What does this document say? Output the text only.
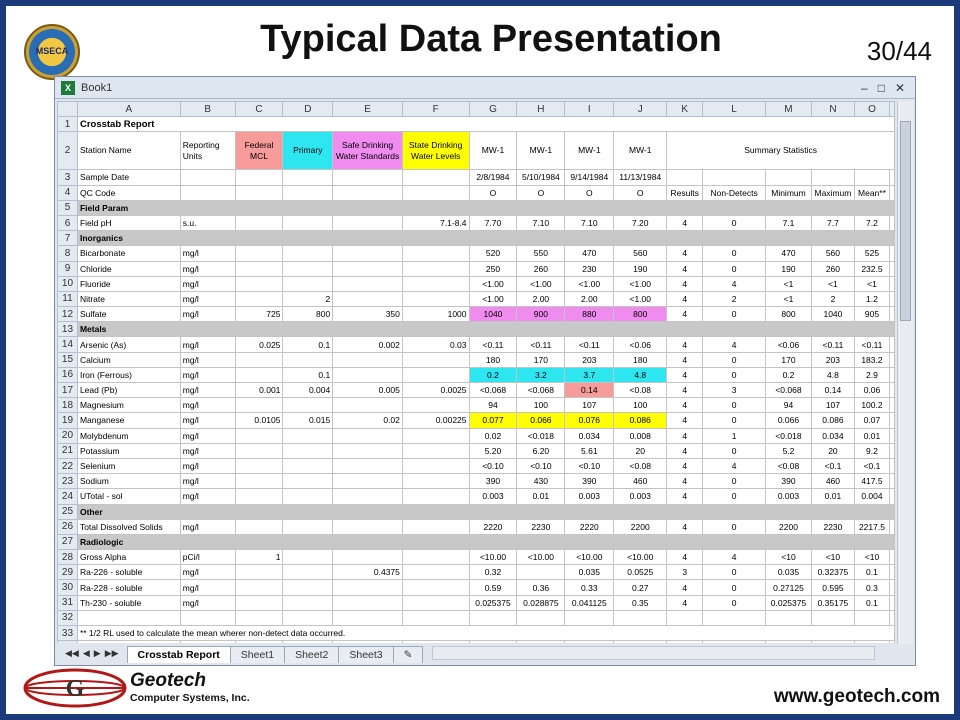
MSECA	Typical Data Presentation	30/44
X Book1	– □ ✕
	A	B	C	D	E	F	G	H	I	J	K	L	M	N	O	
1	Crosstab Report															
2	Station Name	Reporting Units	Federal MCL	Primary	Safe Drinking Water Standards	State Drinking Water Levels	MW-1	MW-1	MW-1	MW-1	Summary Statistics					
3	Sample Date						2/8/1984	5/10/1984	9/14/1984	11/13/1984						
4	QC Code						O	O	O	O	Results	Non-Detects	Minimum	Maximum	Mean**	
5	Field Param															
6	Field pH	s.u.				7.1-8.4	7.70	7.10	7.10	7.20	4	0	7.1	7.7	7.2	
7	Inorganics															
8	Bicarbonate	mg/l					520	550	470	560	4	0	470	560	525	
9	Chloride	mg/l					250	260	230	190	4	0	190	260	232.5	
10	Fluoride	mg/l					<1.00	<1.00	<1.00	<1.00	4	4	<1	<1	<1	
11	Nitrate	mg/l		2			<1.00	2.00	2.00	<1.00	4	2	<1	2	1.2	
12	Sulfate	mg/l	725	800	350	1000	1040	900	880	800	4	0	800	1040	905	
13	Metals															
14	Arsenic (As)	mg/l	0.025	0.1	0.002	0.03	<0.11	<0.11	<0.11	<0.06	4	4	<0.06	<0.11	<0.11	
15	Calcium	mg/l					180	170	203	180	4	0	170	203	183.2	
16	Iron (Ferrous)	mg/l		0.1			0.2	3.2	3.7	4.8	4	0	0.2	4.8	2.9	
17	Lead (Pb)	mg/l	0.001	0.004	0.005	0.0025	<0.068	<0.068	0.14	<0.08	4	3	<0.068	0.14	0.06	
18	Magnesium	mg/l					94	100	107	100	4	0	94	107	100.2	
19	Manganese	mg/l	0.0105	0.015	0.02	0.00225	0.077	0.066	0.076	0.086	4	0	0.066	0.086	0.07	
20	Molybdenum	mg/l					0.02	<0.018	0.034	0.008	4	1	<0.018	0.034	0.01	
21	Potassium	mg/l					5.20	6.20	5.61	20	4	0	5.2	20	9.2	
22	Selenium	mg/l					<0.10	<0.10	<0.10	<0.08	4	4	<0.08	<0.1	<0.1	
23	Sodium	mg/l					390	430	390	460	4	0	390	460	417.5	
24	UTotal - sol	mg/l					0.003	0.01	0.003	0.003	4	0	0.003	0.01	0.004	
25	Other															
26	Total Dissolved Solids	mg/l					2220	2230	2220	2200	4	0	2200	2230	2217.5	
27	Radiologic															
28	Gross Alpha	pCi/l	1				<10.00	<10.00	<10.00	<10.00	4	4	<10	<10	<10	
29	Ra-226 - soluble	mg/l			0.4375		0.32		0.035	0.0525	3	0	0.035	0.32375	0.1	
30	Ra-228 - soluble	mg/l					0.59	0.36	0.33	0.27	4	0	0.27125	0.595	0.3	
31	Th-230 - soluble	mg/l					0.025375	0.028875	0.041125	0.35	4	0	0.025375	0.35175	0.1	
32																
33	** 1/2 RL used to calculate the mean wherer non-detect data occurred.															

◀◀ ◀ ▶ ▶▶	Crosstab Report	Sheet1	Sheet2	Sheet3	✎
G Geotech
Computer Systems, Inc.	www.geotech.com
